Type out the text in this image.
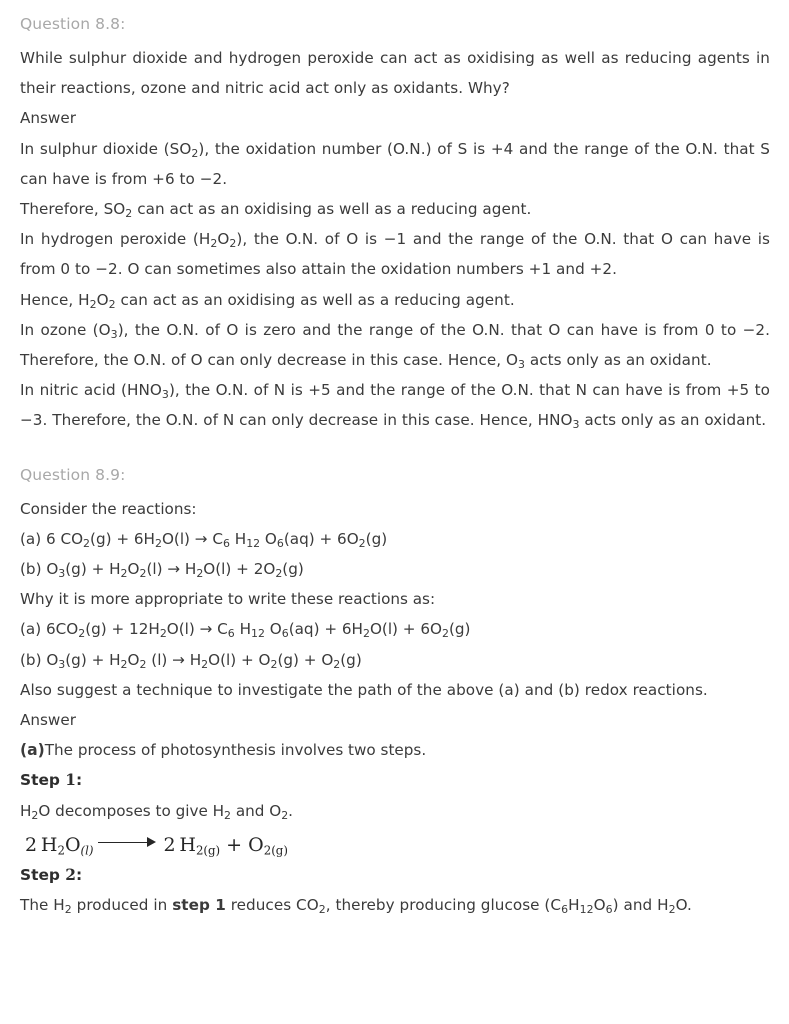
Question 8.8:

While sulphur dioxide and hydrogen peroxide can act as oxidising as well as reducing agents in their reactions, ozone and nitric acid act only as oxidants. Why?

Answer

In sulphur dioxide $(SO_2)$, the oxidation number (O.N.) of S is +4 and the range of the O.N. that S can have is from +6 to −2.

Therefore, $SO_2$ can act as an oxidising as well as a reducing agent.

In hydrogen peroxide $(H_2O_2)$, the O.N. of O is −1 and the range of the O.N. that O can have is from 0 to −2. O can sometimes also attain the oxidation numbers +1 and +2.

Hence, $H_2O_2$ can act as an oxidising as well as a reducing agent.

In ozone $(O_3)$, the O.N. of O is zero and the range of the O.N. that O can have is from 0 to −2. Therefore, the O.N. of O can only decrease in this case. Hence, $O_3$ acts only as an oxidant.

In nitric acid $(HNO_3)$, the O.N. of N is +5 and the range of the O.N. that N can have is from +5 to −3. Therefore, the O.N. of N can only decrease in this case. Hence, $HNO_3$ acts only as an oxidant.

Question 8.9:

Consider the reactions:

(a) 6 $CO_2(g) + 6H_2O(l) \to C_6$ $H_{12}$ $O_6(aq) + 6O_2(g)$

(b) $O_3(g) + H_2O_2(l) \to H_2O(l) + 2O_2(g)$

Why it is more appropriate to write these reactions as:

(a) $6CO_2(g) + 12H_2O(l) \to C_6$ $H_{12}$ $O_6(aq) + 6H_2O(l) + 6O_2(g)$

(b) $O_3(g) + H_2O_2$ $(l) \to H_2O(l) + O_2(g) + O_2(g)$

Also suggest a technique to investigate the path of the above (a) and (b) redox reactions.

Answer

(a)The process of photosynthesis involves two steps.

Step 1:

$H_2O$ decomposes to give $H_2$ and $O_2$.

2 $H_2O_{(l)}$	2 $H_{2(g)} + O_{2(g)}$

Step 2:

The $H_2$ produced in step 1 reduces $CO_2$, thereby producing glucose $(C_6H_{12}O_6)$ and $H_2O$.
